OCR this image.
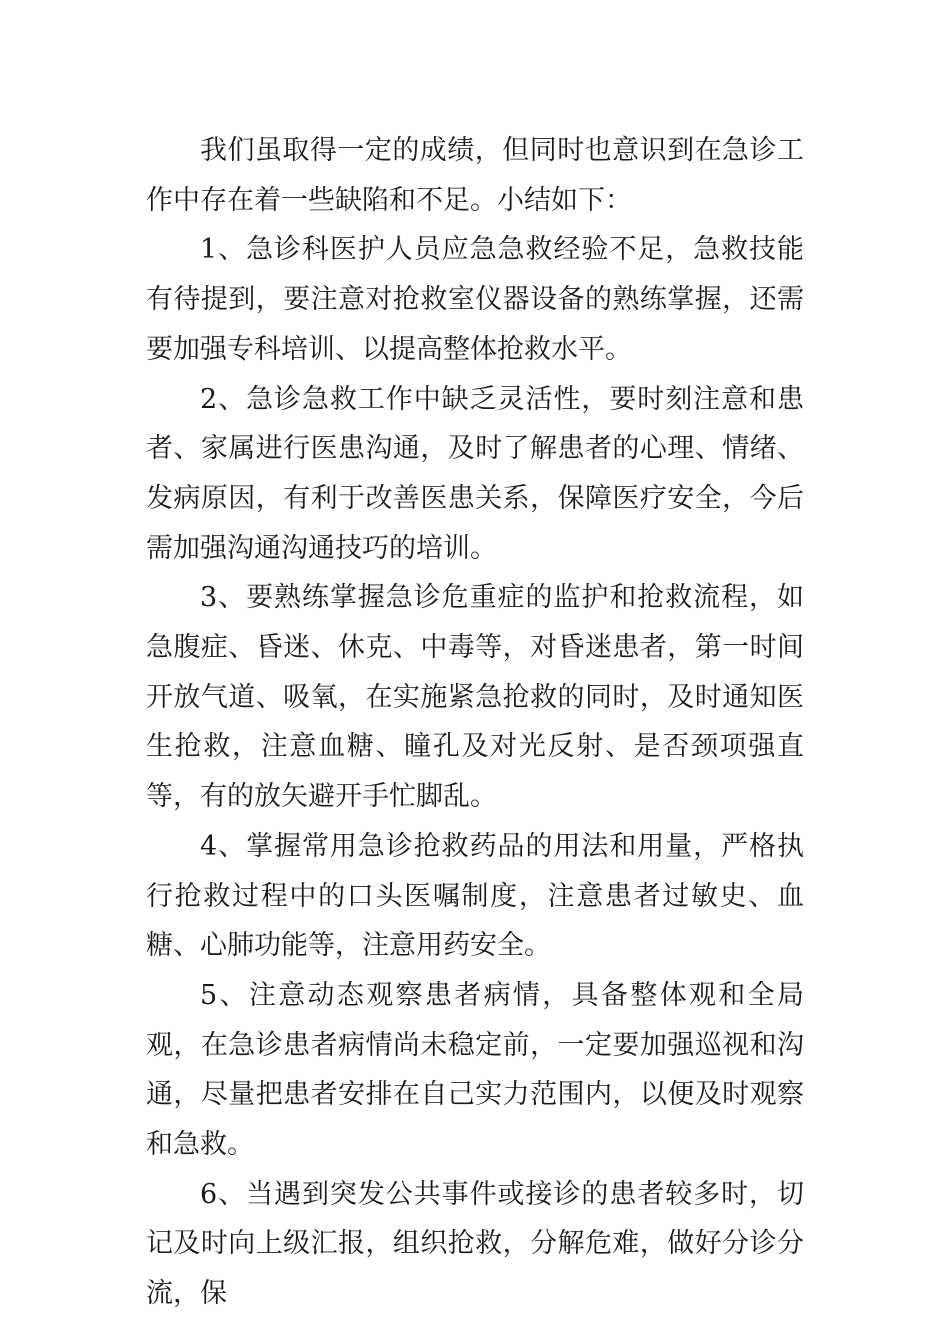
我们虽取得一定的成绩，但同时也意识到在急诊工作中存在着一些缺陷和不足。小结如下：

1、急诊科医护人员应急急救经验不足，急救技能有待提到，要注意对抢救室仪器设备的熟练掌握，还需要加强专科培训、以提高整体抢救水平。

2、急诊急救工作中缺乏灵活性，要时刻注意和患者、家属进行医患沟通，及时了解患者的心理、情绪、发病原因，有利于改善医患关系，保障医疗安全，今后需加强沟通沟通技巧的培训。

3、要熟练掌握急诊危重症的监护和抢救流程，如急腹症、昏迷、休克、中毒等，对昏迷患者，第一时间开放气道、吸氧，在实施紧急抢救的同时，及时通知医生抢救，注意血糖、瞳孔及对光反射、是否颈项强直等，有的放矢避开手忙脚乱。

4、掌握常用急诊抢救药品的用法和用量，严格执行抢救过程中的口头医嘱制度，注意患者过敏史、血糖、心肺功能等，注意用药安全。

5、注意动态观察患者病情，具备整体观和全局观，在急诊患者病情尚未稳定前，一定要加强巡视和沟通，尽量把患者安排在自己实力范围内，以便及时观察和急救。

6、当遇到突发公共事件或接诊的患者较多时，切记及时向上级汇报，组织抢救，分解危难，做好分诊分流，保
